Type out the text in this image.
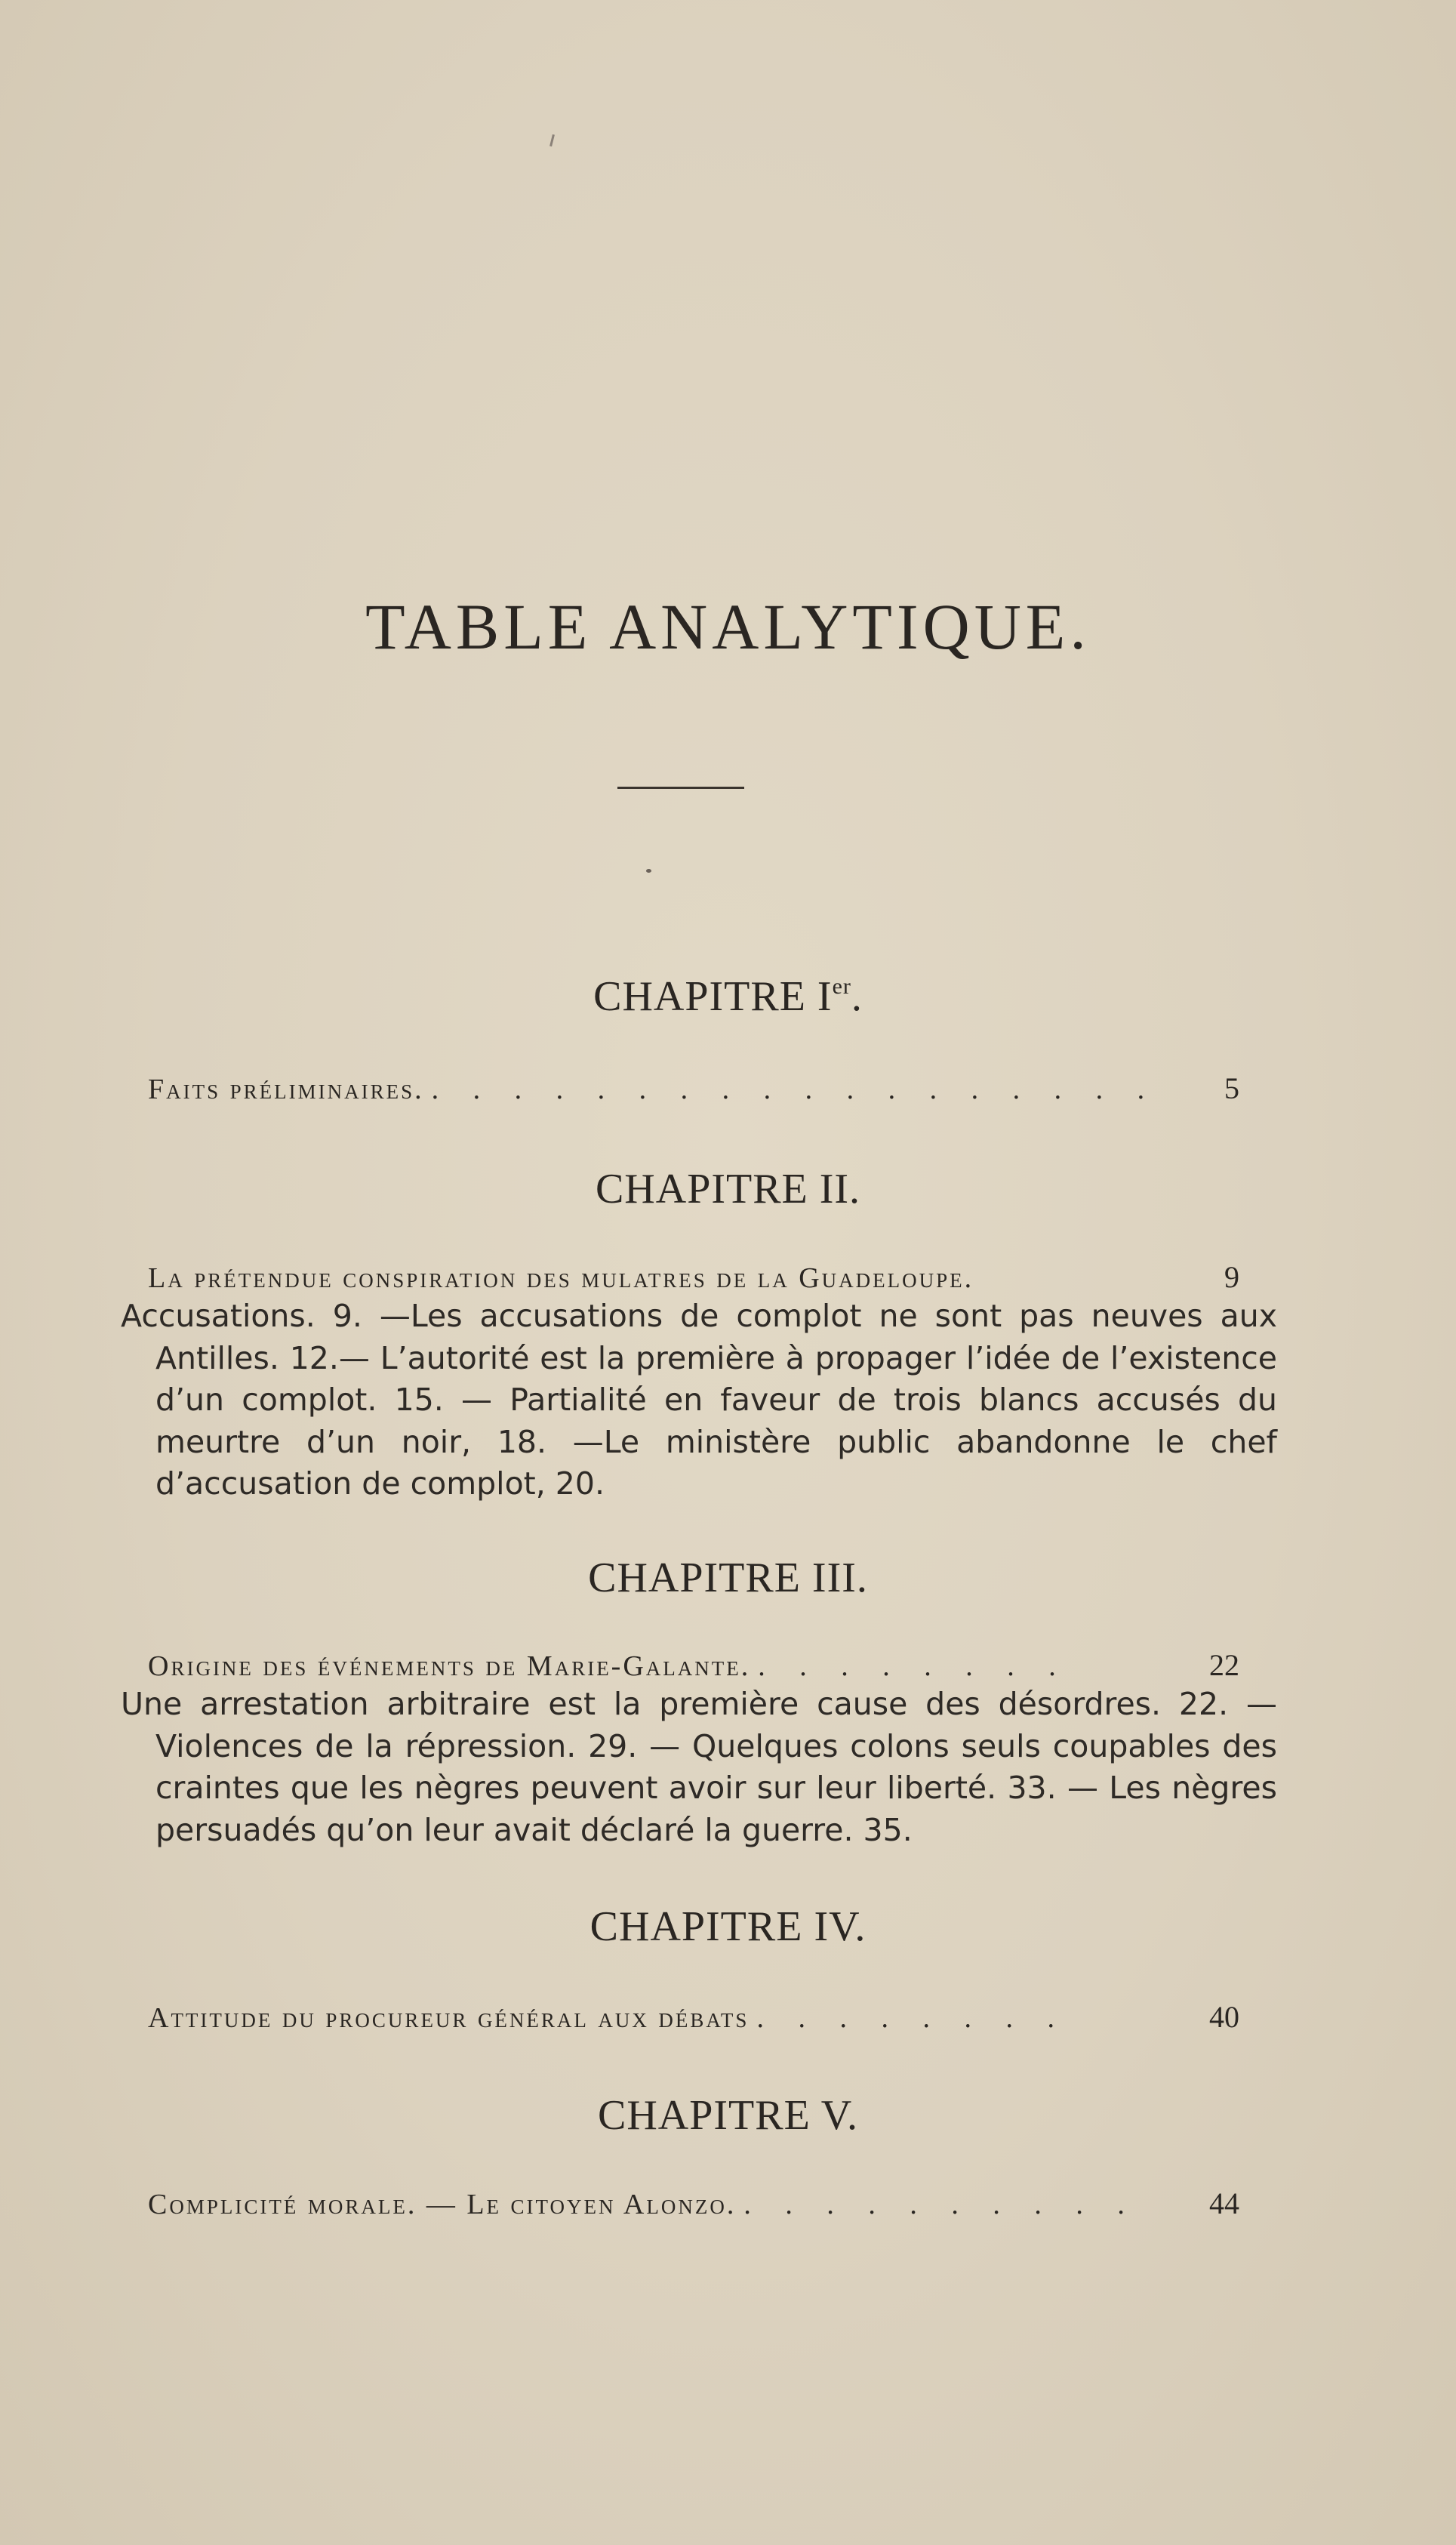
TABLE ANALYTIQUE.
CHAPITRE Ier.
Faits préliminaires. . . . . . . . . . . . . . . . . . .	5
CHAPITRE II.
La prétendue conspiration des mulatres de la Guadeloupe.	9
Accusations. 9. —Les accusations de complot ne sont pas neuves aux Antilles. 12.— L’autorité est la première à propager l’idée de l’existence d’un complot. 15. — Partialité en faveur de trois blancs accusés du meurtre d’un noir, 18. —Le ministère public abandonne le chef d’accusation de complot, 20.
CHAPITRE III.
Origine des événements de Marie-Galante. . . . . . . . .	22
Une arrestation arbitraire est la première cause des désordres. 22. — Violences de la répression. 29. — Quelques colons seuls coupables des craintes que les nègres peuvent avoir sur leur liberté. 33. — Les nègres persuadés qu’on leur avait déclaré la guerre. 35.
CHAPITRE IV.
Attitude du procureur général aux débats . . . . . . . .	40
CHAPITRE V.
Complicité morale. — Le citoyen Alonzo. . . . . . . . . . .	44
